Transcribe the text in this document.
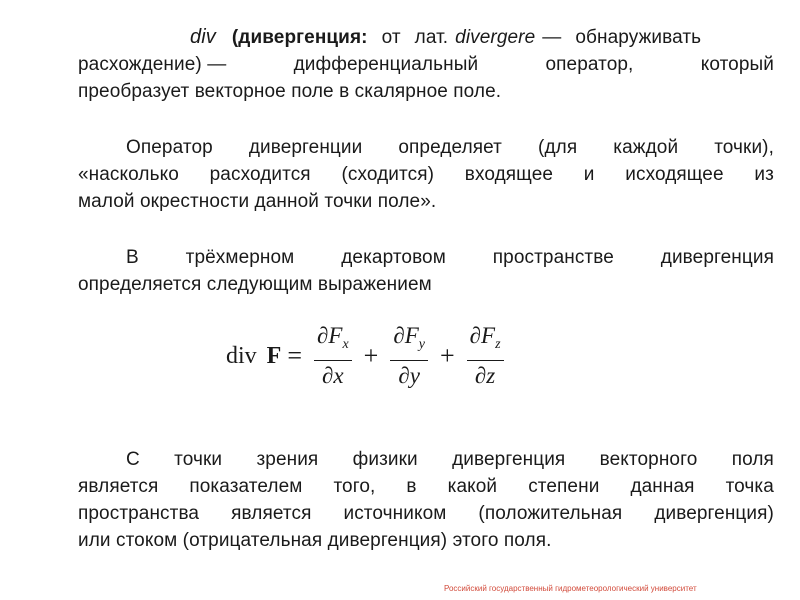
div (дивергенция: от лат. divergere — обнаруживать
расхождение) —	дифференциальный	оператор,	который
преобразует векторное поле в скалярное поле.
Оператор дивергенции определяет (для каждой точки),
«насколько расходится (сходится) входящее и исходящее из
малой окрестности данной точки поле».
В трёхмерном декартовом пространстве дивергенция
определяется следующим выражением
div $F = \frac{\partial F_x}{\partial x} + \frac{\partial F_y}{\partial y} + \frac{\partial F_z}{\partial z}$
С точки зрения физики дивергенция векторного поля
является показателем того, в какой степени данная точка
пространства является источником (положительная дивергенция)
или стоком (отрицательная дивергенция) этого поля.
Российский государственный гидрометеорологический университет
